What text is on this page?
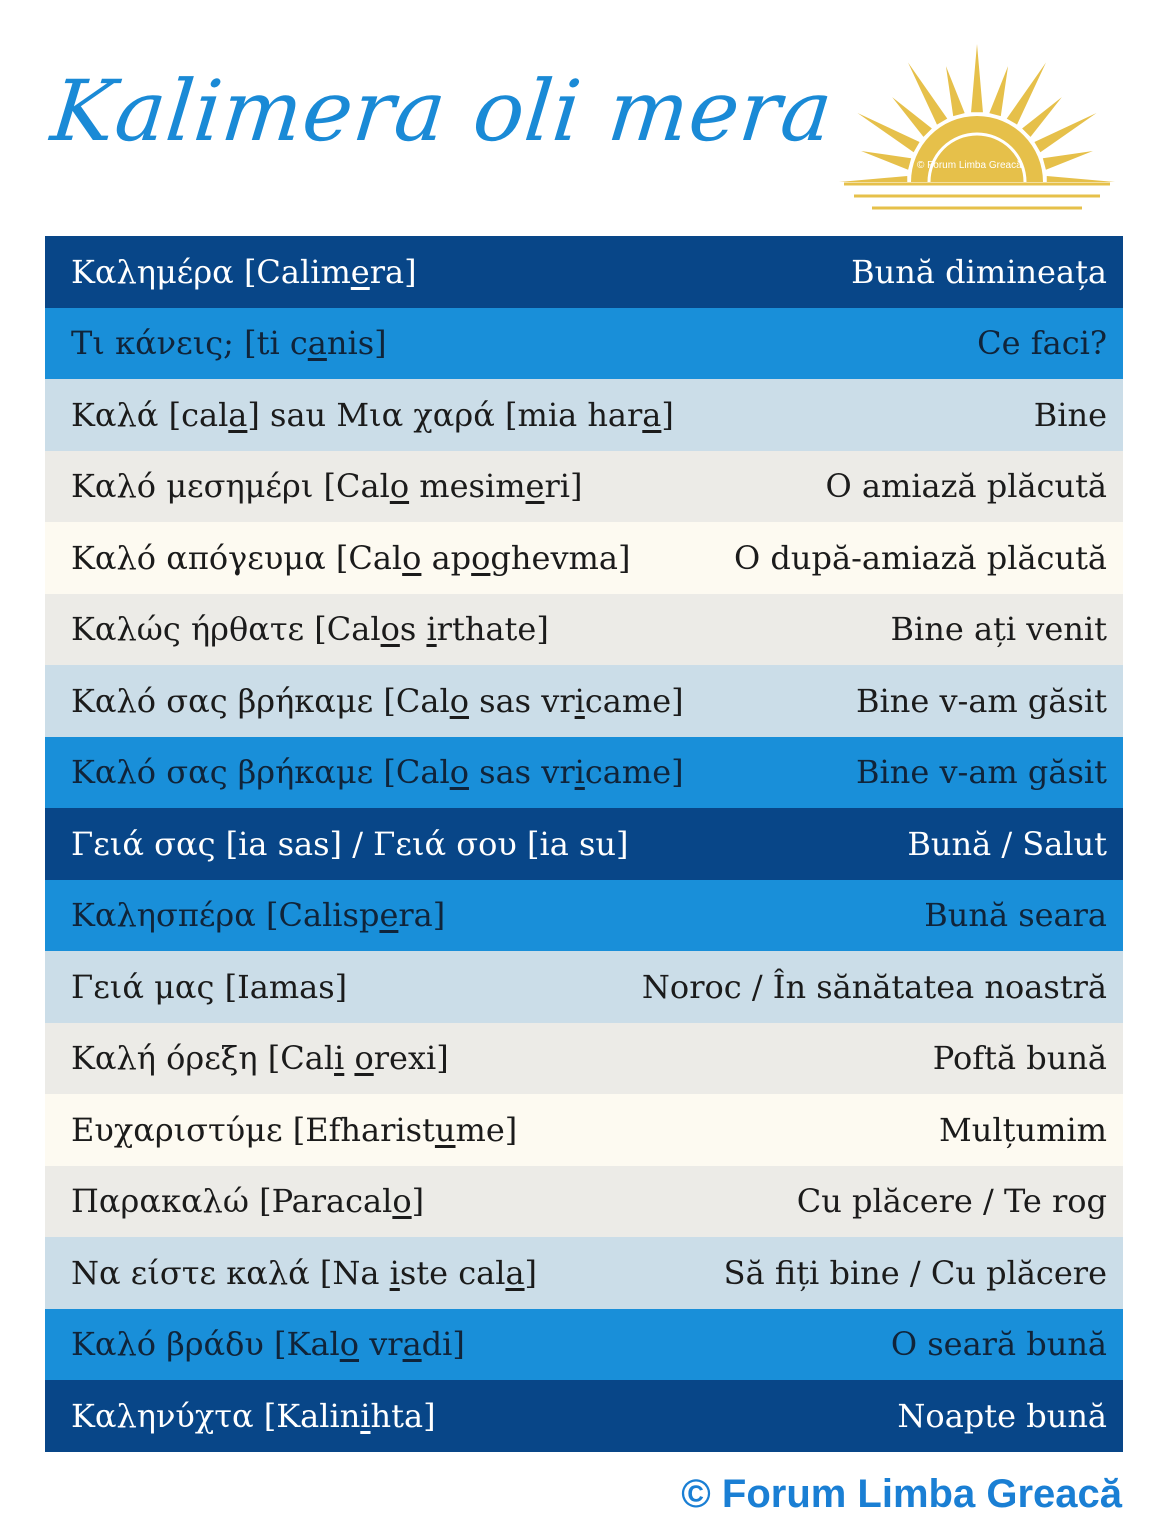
Kalimera oli mera
© Forum Limba Greacă
Καλημέρα [Calimera]	Bună dimineața
Τι κάνεις; [ti canis]	Ce faci?
Καλά [cala] sau Μια χαρά [mia hara]	Bine
Καλό μεσημέρι [Calo mesimeri]	O amiază plăcută
Καλό απόγευμα [Calo apoghevma]	O după-amiază plăcută
Καλώς ήρθατε [Calos irthate]	Bine ați venit
Καλό σας βρήκαμε [Calo sas vricame]	Bine v-am găsit
Καλό σας βρήκαμε [Calo sas vricame]	Bine v-am găsit
Γειά σας [ia sas] / Γειά σου [ia su]	Bună / Salut
Καλησπέρα [Calispera]	Bună seara
Γειά μας [Iamas]	Noroc / În sănătatea noastră
Καλή όρεξη [Cali orexi]	Poftă bună
Ευχαριστύμε [Efharistume]	Mulțumim
Παρακαλώ [Paracalo]	Cu plăcere / Te rog
Να είστε καλά [Na iste cala]	Să fiți bine / Cu plăcere
Καλό βράδυ [Kalo vradi]	O seară bună
Καληνύχτα [Kalinihta]	Noapte bună
© Forum Limba Greacă
